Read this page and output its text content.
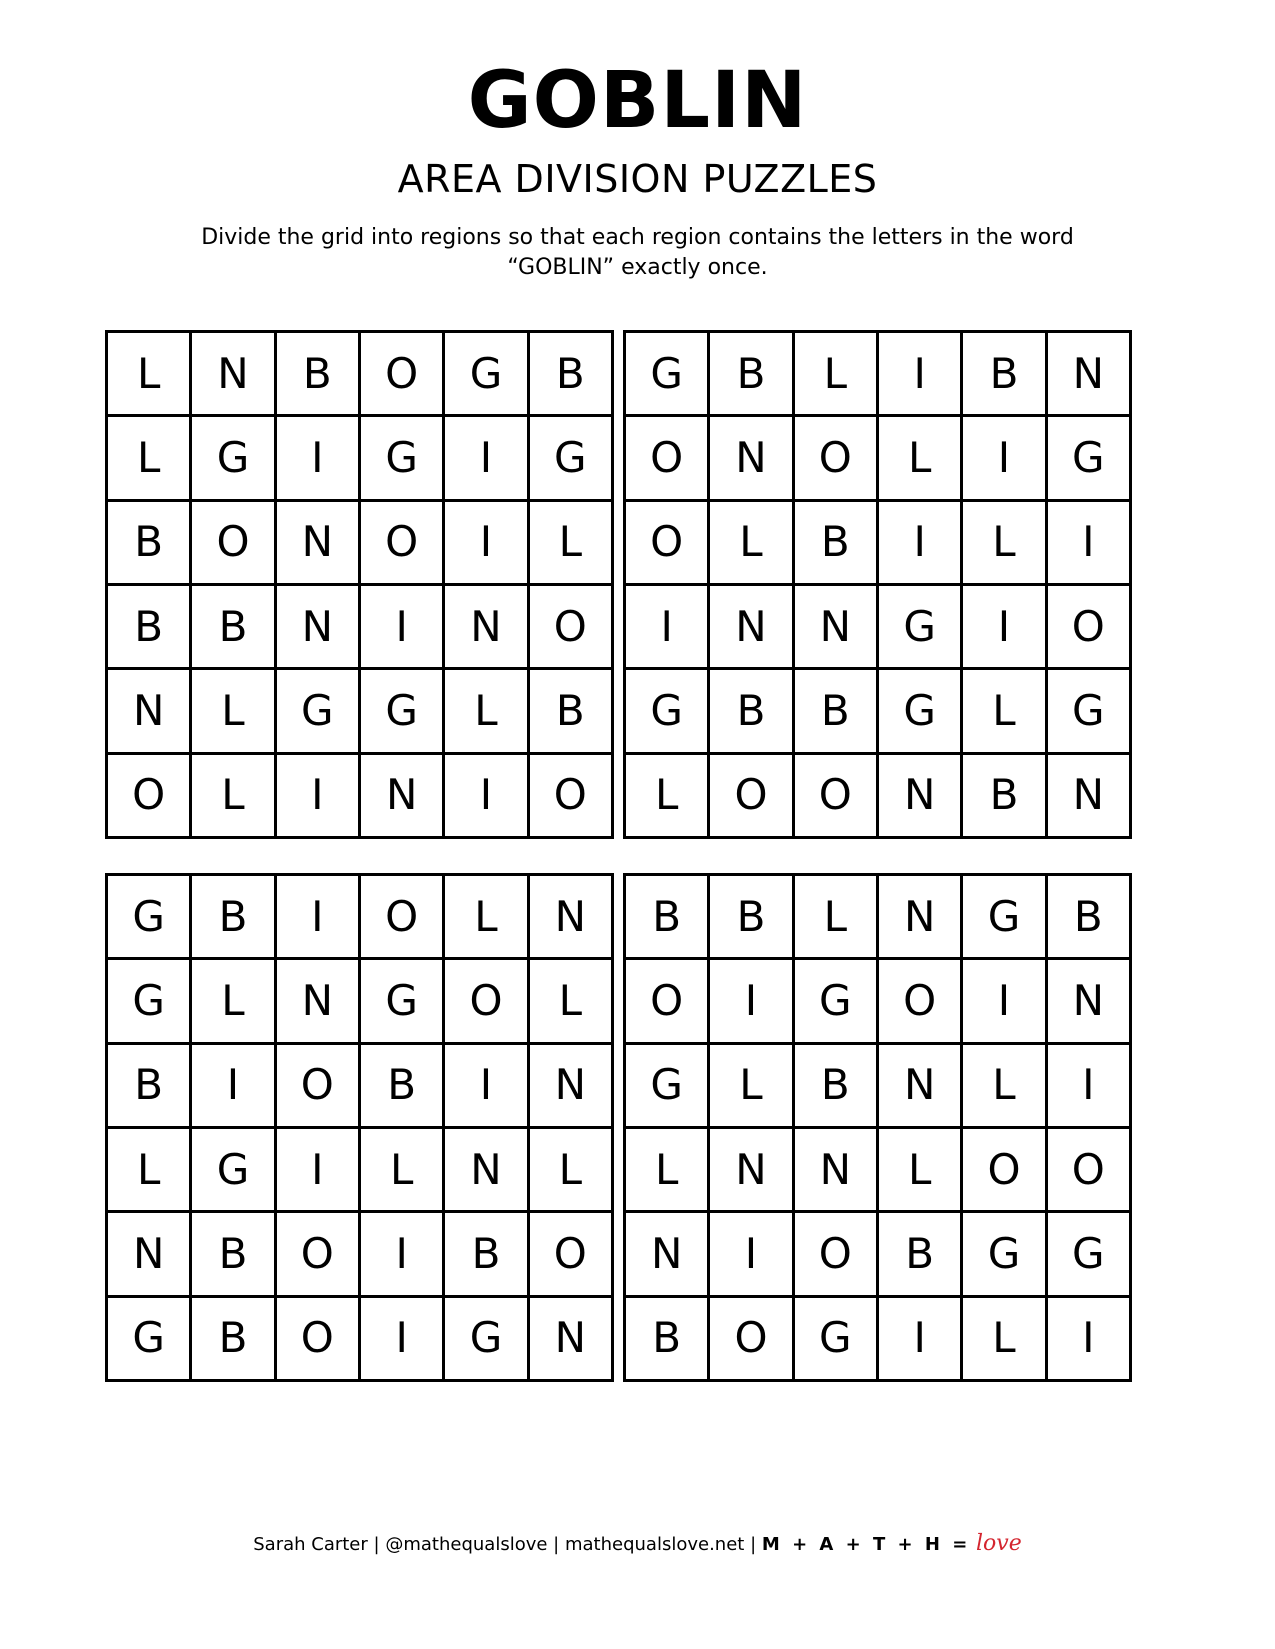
GOBLIN
AREA DIVISION PUZZLES
Divide the grid into regions so that each region contains the letters in the word “GOBLIN” exactly once.
L	N	B	O	G	B
L	G	I	G	I	G
B	O	N	O	I	L
B	B	N	I	N	O
N	L	G	G	L	B
O	L	I	N	I	O
G	B	L	I	B	N
O	N	O	L	I	G
O	L	B	I	L	I
I	N	N	G	I	O
G	B	B	G	L	G
L	O	O	N	B	N
G	B	I	O	L	N
G	L	N	G	O	L
B	I	O	B	I	N
L	G	I	L	N	L
N	B	O	I	B	O
G	B	O	I	G	N
B	B	L	N	G	B
O	I	G	O	I	N
G	L	B	N	L	I
L	N	N	L	O	O
N	I	O	B	G	G
B	O	G	I	L	I
Sarah Carter | @mathequalslove | mathequalslove.net | M + A + T + H = love
